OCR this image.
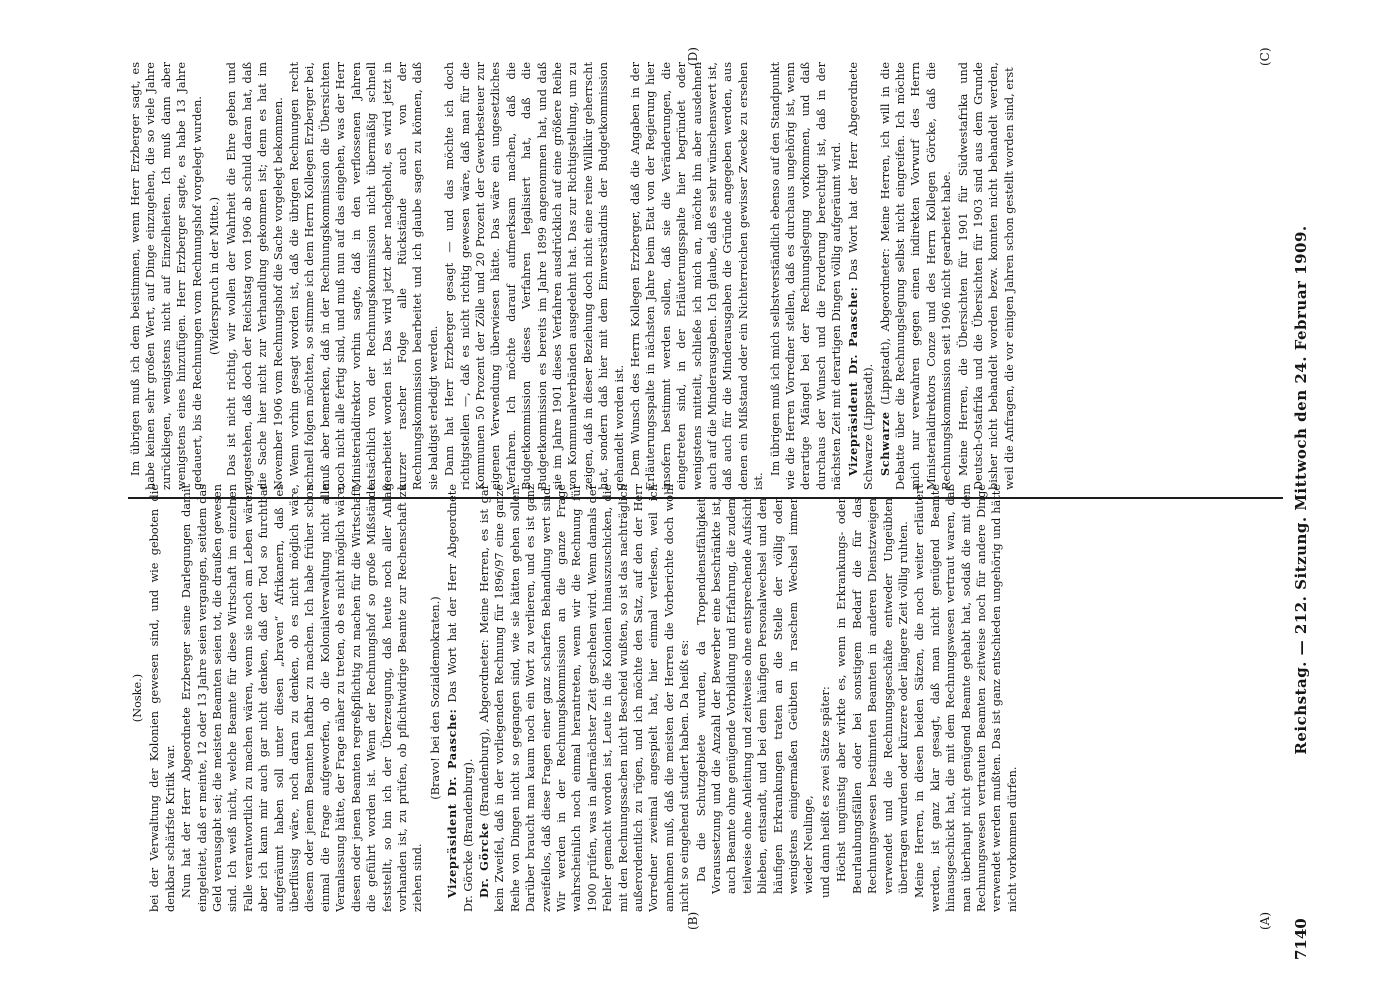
7140
Reichstag. — 212. Sitzung. Mittwoch den 24. Februar 1909.
(A)
(B)
(C)
(D)

(Noske.) bei der Verwaltung der Kolonien gewesen sind, und wie geboten die denkbar schärfste Kritik war. Nun hat der Herr Abgeordnete Erzberger seine Darlegungen damit eingeleitet, daß er meinte, 12 oder 13 Jahre seien vergangen, seitdem das Geld verausgabt sei; die meisten Beamten seien tot, die draußen gewesen sind. Ich weiß nicht, welche Beamte für diese Wirtschaft im einzelnen Falle verantwortlich zu machen wären, wenn sie noch am Leben wären; aber ich kann mir auch gar nicht denken, daß der Tod so furchtbar aufgeräumt haben soll unter diesen „braven“ Afrikanern, daß es überflüssig wäre, noch daran zu denken, ob es nicht möglich wäre, diesem oder jenem Beamten haftbar zu machen. Ich habe früher schon einmal die Frage aufgeworfen, ob die Kolonialverwaltung nicht alle Veranlassung hätte, der Frage näher zu treten, ob es nicht möglich wäre, diesen oder jenen Beamten regreßpflichtig zu machen für die Wirtschaft, die geführt worden ist. Wenn der Rechnungshof so große Mißstände feststellt, so bin ich der Überzeugung, daß heute noch aller Anlaß vorhanden ist, zu prüfen, ob pflichtwidrige Beamte zur Rechenschaft zu ziehen sind.

(Bravo! bei den Sozialdemokraten.)

Vizepräsident Dr. Paasche: Das Wort hat der Herr Abgeordnete Dr. Görcke (Brandenburg). Dr. Görcke (Brandenburg), Abgeordneter: Meine Herren, es ist gar kein Zweifel, daß in der vorliegenden Rechnung für 1896/97 eine ganze Reihe von Dingen nicht so gegangen sind, wie sie hätten gehen sollen. Darüber braucht man kaum noch ein Wort zu verlieren, und es ist ganz zweifellos, daß diese Fragen einer ganz scharfen Behandlung wert sind. Wir werden in der Rechnungskommission an die ganze Frage wahrscheinlich noch einmal herantreten, wenn wir die Rechnung für 1900 prüfen, was in allernächster Zeit geschehen wird. Wenn damals der Fehler gemacht worden ist, Leute in die Kolonien hinauszuschicken, die mit den Rechnungssachen nicht Bescheid wußten, so ist das nachträglich außerordentlich zu rügen, und ich möchte den Satz, auf den der Herr Vorredner zweimal angespielt hat, hier einmal verlesen, weil ich annehmen muß, daß die meisten der Herren die Vorberichte doch wohl nicht so eingehend studiert haben. Da heißt es: Da die Schutzgebiete wurden, da Tropendienstfähigkeit Voraussetzung und die Anzahl der Bewerber eine beschränkte ist, auch Beamte ohne genügende Vorbildung und Erfahrung, die zudem teilweise ohne Anleitung und zeitweise ohne entsprechende Aufsicht blieben, entsandt, und bei dem häufigen Personalwechsel und den häufigen Erkrankungen traten an die Stelle der völlig oder wenigstens einigermaßen Geübten in raschem Wechsel immer wieder Neulinge, und dann heißt es zwei Sätze später: Höchst ungünstig aber wirkte es, wenn in Erkrankungs- oder Beurlaubungsfällen oder bei sonstigem Bedarf die für das Rechnungswesen bestimmten Beamten in anderen Dienstzweigen verwendet und die Rechnungsgeschäfte entweder Ungeübten übertragen wurden oder kürzere oder längere Zeit völlig ruhten. Meine Herren, in diesen beiden Sätzen, die noch weiter erläutert werden, ist ganz klar gesagt, daß man nicht genügend Beamte hinausgeschickt hat, die mit dem Rechnungswesen vertraut waren, daß man überhaupt nicht genügend Beamte gehabt hat, sodaß die mit dem Rechnungswesen vertrauten Beamten zeitweise noch für andere Dinge verwendet werden mußten. Das ist ganz entschieden ungehörig und hätte nicht vorkommen dürfen.

Im übrigen muß ich dem beistimmen, wenn Herr Erzberger sagt, es habe keinen sehr großen Wert, auf Dinge einzugehen, die so viele Jahre zurückliegen, wenigstens nicht auf Einzelheiten. Ich muß dann aber wenigstens eines hinzufügen. Herr Erzberger sagte, es habe 13 Jahre gedauert, bis die Rechnungen vom Rechnungshof vorgelegt wurden. (Widerspruch in der Mitte.) Das ist nicht richtig, wir wollen der Wahrheit die Ehre geben und zugestehen, daß doch der Reichstag von 1906 ab schuld daran hat, daß die Sache hier nicht zur Verhandlung gekommen ist; denn es hat im November 1906 vom Rechnungshof die Sache vorgelegt bekommen. Wenn vorhin gesagt worden ist, daß die übrigen Rechnungen recht schnell folgen möchten, so stimme ich dem Herrn Kollegen Erzberger bei, muß aber bemerken, daß in der Rechnungskommission die Übersichten noch nicht alle fertig sind, und muß nun auf das eingehen, was der Herr Ministerialdirektor vorhin sagte, daß in den verflossenen Jahren tatsächlich von der Rechnungskommission nicht übermäßig schnell gearbeitet worden ist. Das wird jetzt aber nachgeholt, es wird jetzt in kurzer rascher Folge alle Rückstände auch von der Rechnungskommission bearbeitet und ich glaube sagen zu können, daß sie baldigst erledigt werden. Dann hat Herr Erzberger gesagt — und das möchte ich doch richtigstellen —, daß es nicht richtig gewesen wäre, daß man für die Kommunen 50 Prozent der Zölle und 20 Prozent der Gewerbesteuer zur eigenen Verwendung überwiesen hätte. Das wäre ein ungesetzliches Verfahren. Ich möchte darauf aufmerksam machen, daß die Budgetkommission dieses Verfahren legalisiert hat, daß die Budgetkommission es bereits im Jahre 1899 angenommen hat, und daß sie im Jahre 1901 dieses Verfahren ausdrücklich auf eine größere Reihe von Kommunalverbänden ausgedehnt hat. Das zur Richtigstellung, um zu zeigen, daß in dieser Beziehung doch nicht eine reine Willkür geherrscht hat, sondern daß hier mit dem Einverständnis der Budgetkommission gehandelt worden ist. Dem Wunsch des Herrn Kollegen Erzberger, daß die Angaben in der Erläuterungsspalte in nächsten Jahre beim Etat von der Regierung hier insofern bestimmt werden sollen, daß sie die Veränderungen, die eingetreten sind, in der Erläuterungsspalte hier begründet oder wenigstens mitteilt, schließe ich mich an, möchte ihn aber ausdehnen auch auf die Minderausgaben. Ich glaube, daß es sehr wünschenswert ist, daß auch für die Minderausgaben die Gründe angegeben werden, aus denen ein Mißstand oder ein Nichterreichen gewisser Zwecke zu ersehen ist.

Im übrigen muß ich mich selbstverständlich ebenso auf den Standpunkt wie die Herren Vorredner stellen, daß es durchaus ungehörig ist, wenn derartige Mängel bei der Rechnungslegung vorkommen, und daß durchaus der Wunsch und die Forderung berechtigt ist, daß in der nächsten Zeit mit derartigen Dingen völlig aufgeräumt wird. Vizepräsident Dr. Paasche: Das Wort hat der Herr Abgeordnete Schwarze (Lippstadt). Schwarze (Lippstadt), Abgeordneter: Meine Herren, ich will in die Debatte über die Rechnungslegung selbst nicht eingreifen. Ich möchte mich nur verwahren gegen einen indirekten Vorwurf des Herrn Ministerialdirektors Conze und des Herrn Kollegen Görcke, daß die Rechnungskommission seit 1906 nicht gearbeitet habe. Meine Herren, die Übersichten für 1901 für Südwestafrika und Deutsch-Ostafrika und die Übersichten für 1903 sind aus dem Grunde bisher nicht behandelt worden bezw. konnten nicht behandelt werden, weil die Anfragen, die vor einigen Jahren schon gestellt worden sind, erst
